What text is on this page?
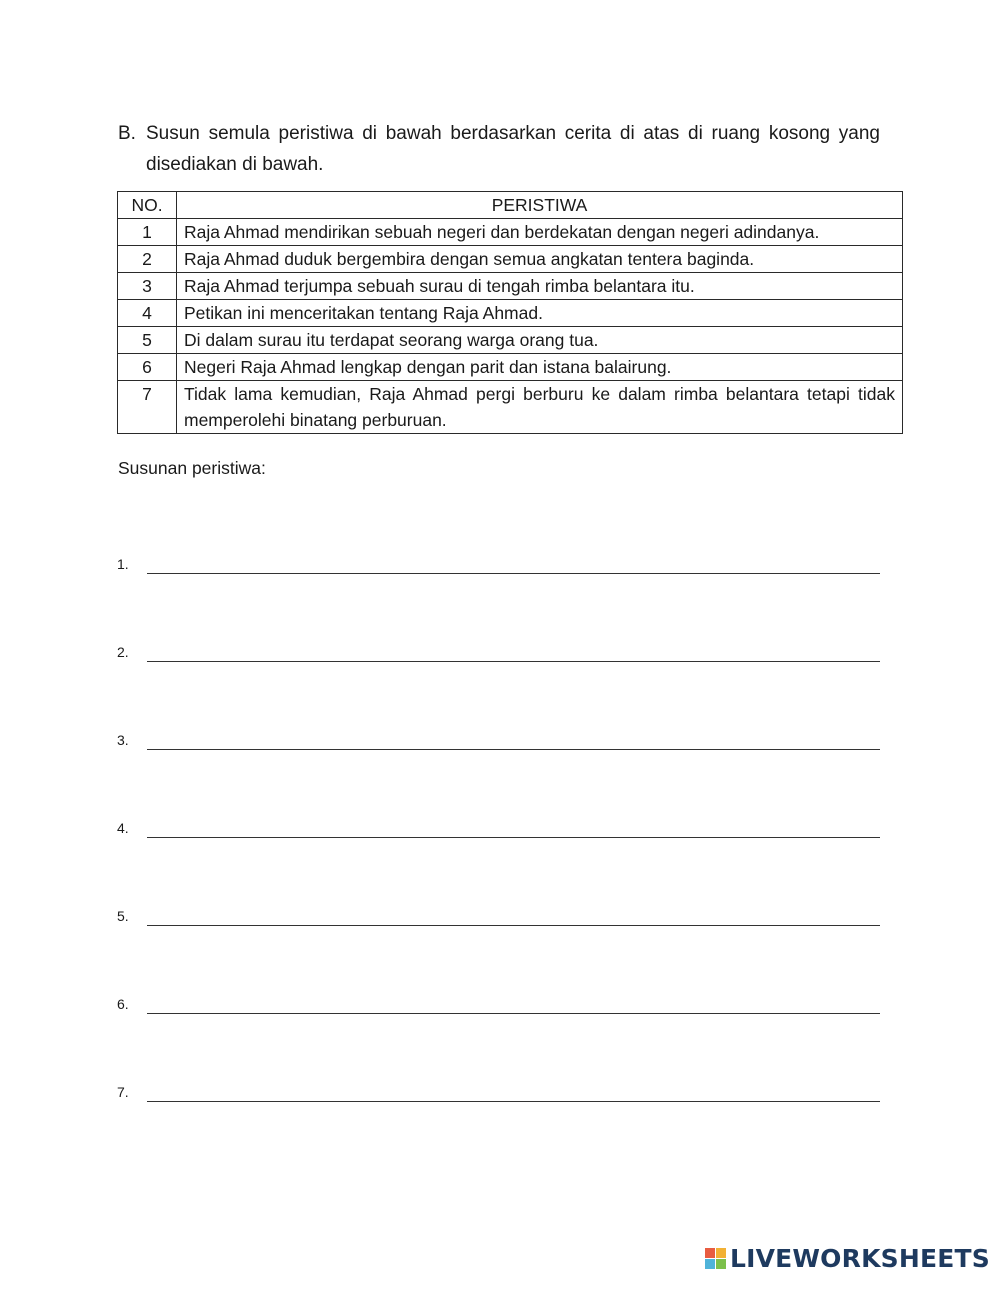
B. Susun semula peristiwa di bawah berdasarkan cerita di atas di ruang kosong yang disediakan di bawah.
NO.	PERISTIWA
1	Raja Ahmad mendirikan sebuah negeri dan berdekatan dengan negeri adindanya.
2	Raja Ahmad duduk bergembira dengan semua angkatan tentera baginda.
3	Raja Ahmad terjumpa sebuah surau di tengah rimba belantara itu.
4	Petikan ini menceritakan tentang Raja Ahmad.
5	Di dalam surau itu terdapat seorang warga orang tua.
6	Negeri Raja Ahmad lengkap dengan parit dan istana balairung.
7	Tidak lama kemudian, Raja Ahmad pergi berburu ke dalam rimba belantara tetapi tidak memperolehi binatang perburuan.
Susunan peristiwa:
1.
2.
3.
4.
5.
6.
7.
LIVEWORKSHEETS
